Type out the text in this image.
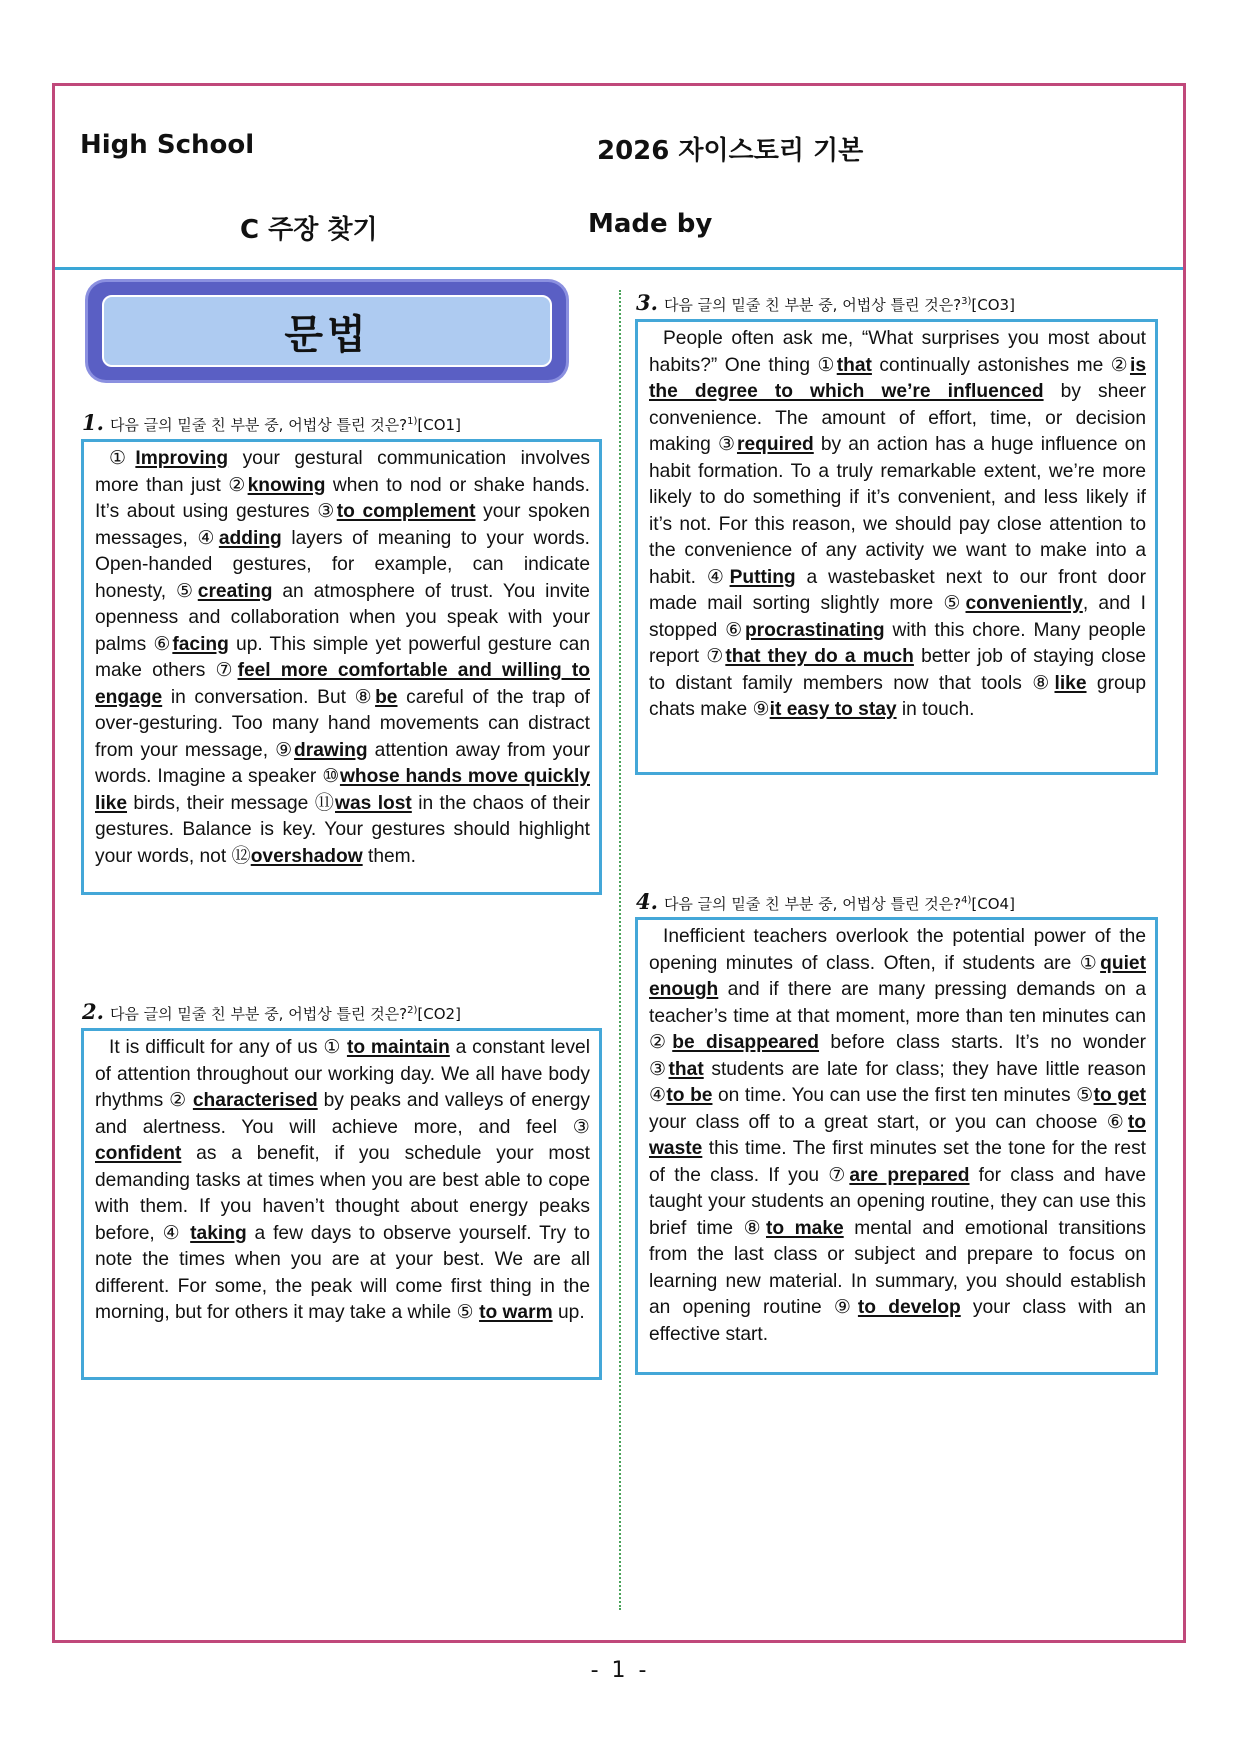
High School	2026 자이스토리 기본
C 주장 찾기	Made by
문법
1. 다음 글의 밑줄 친 부분 중, 어법상 틀린 것은?$^{1)}$[CO1]

①Improving your gestural communication involves more than just ②knowing when to nod or shake hands. It’s about using gestures ③to complement your spoken messages, ④adding layers of meaning to your words. Open-handed gestures, for example, can indicate honesty, ⑤creating an atmosphere of trust. You invite openness and collaboration when you speak with your palms ⑥facing up. This simple yet powerful gesture can make others ⑦feel more comfortable and willing to engage in conversation. But ⑧be careful of the trap of over-gesturing. Too many hand movements can distract from your message, ⑨drawing attention away from your words. Imagine a speaker ⑩whose hands move quickly like birds, their message ⑪was lost in the chaos of their gestures. Balance is key. Your gestures should highlight your words, not ⑫overshadow them.

2. 다음 글의 밑줄 친 부분 중, 어법상 틀린 것은?$^{2)}$[CO2]

It is difficult for any of us ① to maintain a constant level of attention throughout our working day. We all have body rhythms ② characterised by peaks and valleys of energy and alertness. You will achieve more, and feel ③ confident as a benefit, if you schedule your most demanding tasks at times when you are best able to cope with them. If you haven’t thought about energy peaks before, ④ taking a few days to observe yourself. Try to note the times when you are at your best. We are all different. For some, the peak will come first thing in the morning, but for others it may take a while ⑤ to warm up.

3. 다음 글의 밑줄 친 부분 중, 어법상 틀린 것은?$^{3)}$[CO3]

People often ask me, “What surprises you most about habits?” One thing ①that continually astonishes me ②is the degree to which we’re influenced by sheer convenience. The amount of effort, time, or decision making ③required by an action has a huge influence on habit formation. To a truly remarkable extent, we’re more likely to do something if it’s convenient, and less likely if it’s not. For this reason, we should pay close attention to the convenience of any activity we want to make into a habit. ④Putting a wastebasket next to our front door made mail sorting slightly more ⑤conveniently, and I stopped ⑥procrastinating with this chore. Many people report ⑦that they do a much better job of staying close to distant family members now that tools ⑧like group chats make ⑨it easy to stay in touch.

4. 다음 글의 밑줄 친 부분 중, 어법상 틀린 것은?$^{4)}$[CO4]

Inefficient teachers overlook the potential power of the opening minutes of class. Often, if students are ①quiet enough and if there are many pressing demands on a teacher’s time at that moment, more than ten minutes can ②be disappeared before class starts. It’s no wonder ③that students are late for class; they have little reason ④to be on time. You can use the first ten minutes ⑤to get your class off to a great start, or you can choose ⑥to waste this time. The first minutes set the tone for the rest of the class. If you ⑦are prepared for class and have taught your students an opening routine, they can use this brief time ⑧to make mental and emotional transitions from the last class or subject and prepare to focus on learning new material. In summary, you should establish an opening routine ⑨to develop your class with an effective start.

- 1 -
